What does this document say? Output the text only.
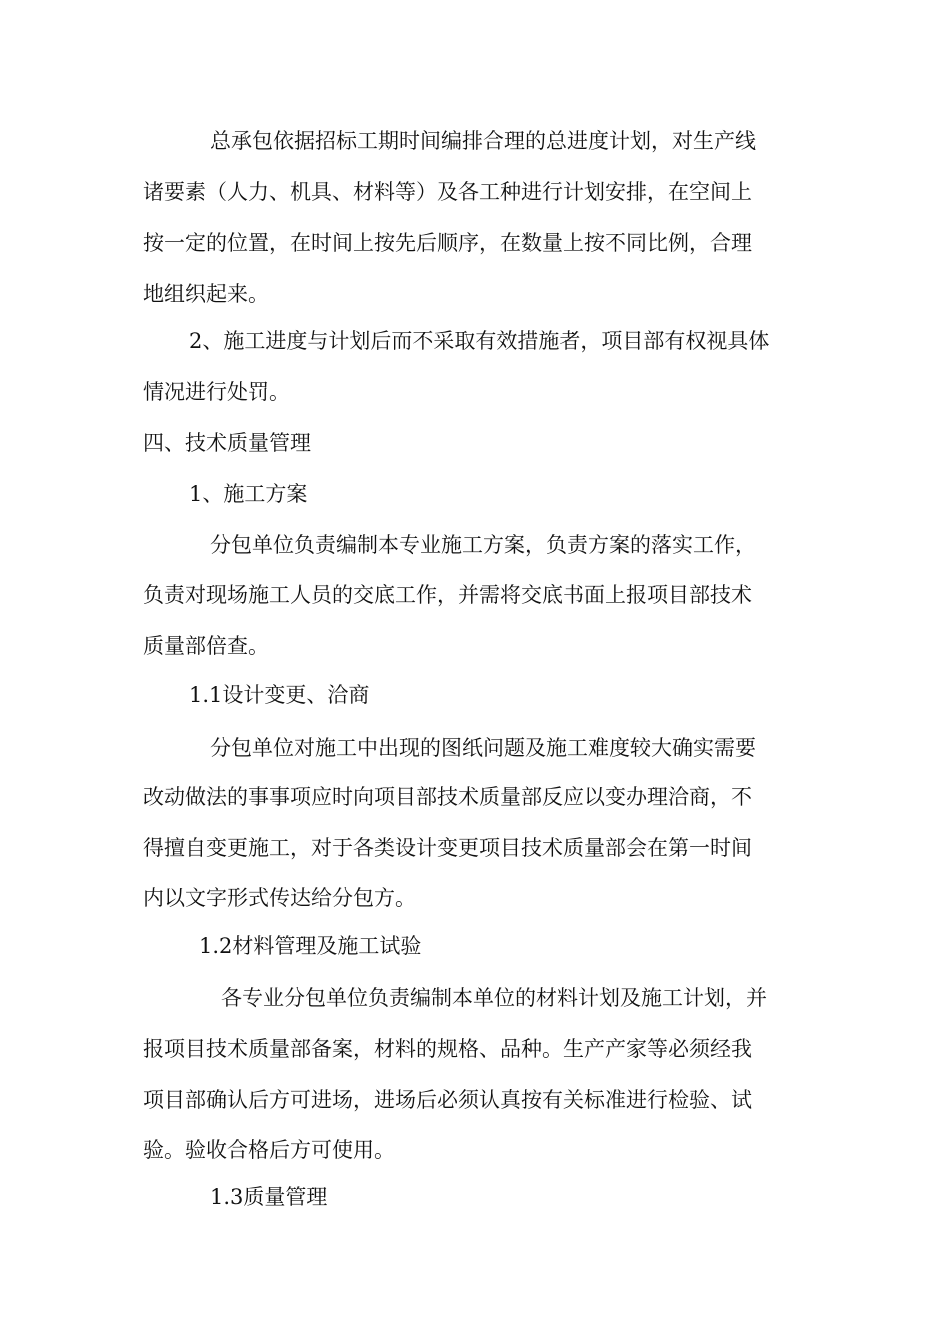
总承包依据招标工期时间编排合理的总进度计划，对生产线
诸要素（人力、机具、材料等）及各工种进行计划安排，在空间上
按一定的位置，在时间上按先后顺序，在数量上按不同比例，合理
地组织起来。
2、施工进度与计划后而不采取有效措施者，项目部有权视具体
情况进行处罚。
四、技术质量管理
1、施工方案
分包单位负责编制本专业施工方案，负责方案的落实工作，
负责对现场施工人员的交底工作，并需将交底书面上报项目部技术
质量部倍查。
1.1设计变更、洽商
分包单位对施工中出现的图纸问题及施工难度较大确实需要
改动做法的事事项应时向项目部技术质量部反应以变办理洽商，不
得擅自变更施工，对于各类设计变更项目技术质量部会在第一时间
内以文字形式传达给分包方。
1.2材料管理及施工试验
各专业分包单位负责编制本单位的材料计划及施工计划，并
报项目技术质量部备案，材料的规格、品种。生产产家等必须经我
项目部确认后方可进场，进场后必须认真按有关标准进行检验、试
验。验收合格后方可使用。
1.3质量管理
